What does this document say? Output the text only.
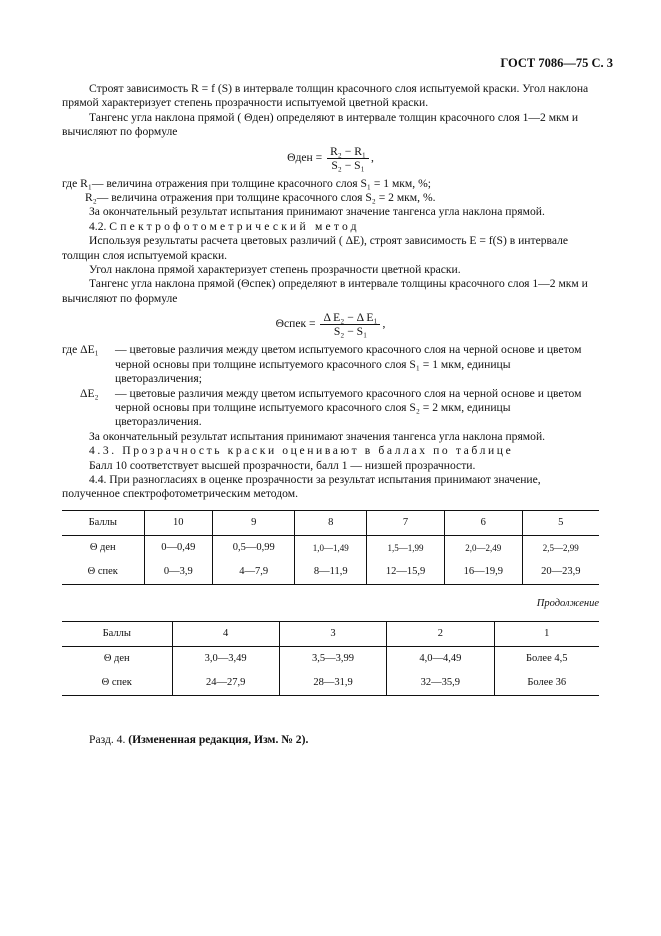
ГОСТ 7086—75 С. 3

Строят зависимость R = f (S) в интервале толщин красочного слоя испытуемой краски. Угол наклона прямой характеризует степень прозрачности испытуемой цветной краски.

Тангенс угла наклона прямой ( Θден) определяют в интервале толщин красочного слоя 1—2 мкм и вычисляют по формуле

$\Theta ден = \frac{\text{R₂ − R₁}}{\text{S₂ − S₁}}$ ,
где R₁ — величина отражения при толщине красочного слоя S₁ = 1 мкм, %;
R₂ — величина отражения при толщине красочного слоя S₂ = 2 мкм, %.

За окончательный результат испытания принимают значение тангенса угла наклона прямой.

4.2. Спектрофотометрический метод

Используя результаты расчета цветовых различий ( ΔE), строят зависимость E = f(S) в интервале толщин слоя испытуемой краски.

Угол наклона прямой характеризует степень прозрачности цветной краски.

Тангенс угла наклона прямой (Θспек) определяют в интервале толщины красочного слоя 1—2 мкм и вычисляют по формуле

Θспек = $\frac{\text{Δ E₂ − Δ E₁}}{\text{S₂ − S₁}}$ ,
где ΔE₁	— цветовые различия между цветом испытуемого красочного слоя на черной основе и цветом черной основы при толщине испытуемого красочного слоя S₁ = 1 мкм, единицы цветоразличения;
ΔE₂	— цветовые различия между цветом испытуемого красочного слоя на черной основе и цветом черной основы при толщине испытуемого красочного слоя S₂ = 2 мкм, единицы цветоразличения.

За окончательный результат испытания принимают значения тангенса угла наклона прямой.

4.3. Прозрачность краски оценивают в баллах по таблице

Балл 10 соответствует высшей прозрачности, балл 1 — низшей прозрачности.

4.4. При разногласиях в оценке прозрачности за результат испытания принимают значение, полученное спектрофотометрическим методом.

Баллы	10	9	8	7	6	5
Θ ден	0—0,49	0,5—0,99	1,0—1,49	1,5—1,99	2,0—2,49	2,5—2,99
Θ спек	0—3,9	4—7,9	8—11,9	12—15,9	16—19,9	20—23,9
Продолжение
Баллы	4	3	2	1
Θ ден	3,0—3,49	3,5—3,99	4,0—4,49	Более 4,5
Θ спек	24—27,9	28—31,9	32—35,9	Более 36

Разд. 4. (Измененная редакция, Изм. № 2).
